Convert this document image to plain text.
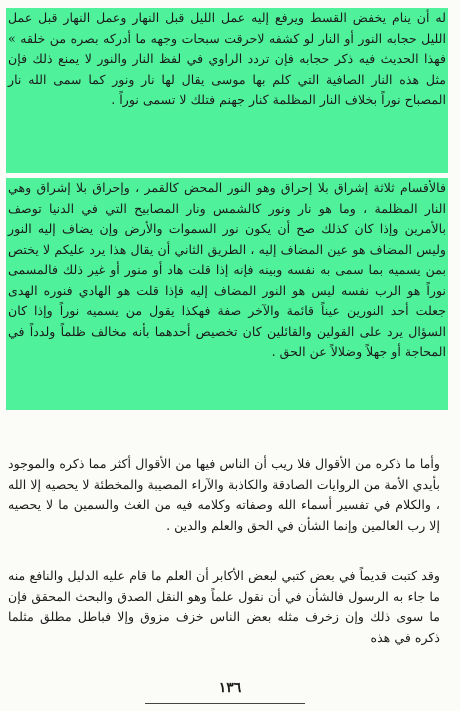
له أن ينام يخفض القسط ويرفع إليه عمل الليل قبل النهار وعمل النهار قبل عمل الليل حجابه النور أو النار لو كشفه لاحرقت سبحات وجهه ما أدركه بصره من خلقه » فهذا الحديث فيه ذكر حجابه فإن تردد الراوي في لفظ النار والنور لا يمنع ذلك فإن مثل هذه النار الصافية التي كلم بها موسى يقال لها نار ونور كما سمى الله نار المصباح نوراً بخلاف النار المظلمة كنار جهنم فتلك لا تسمى نوراً .

فالأقسام ثلاثة إشراق بلا إحراق وهو النور المحض كالقمر ، وإحراق بلا إشراق وهي النار المظلمة ، وما هو نار ونور كالشمس ونار المصابيح التي في الدنيا توصف بالأمرين وإذا كان كذلك صح أن يكون نور السموات والأرض وإن يضاف إليه النور وليس المضاف هو عين المضاف إليه ، الطريق الثاني أن يقال هذا يرد عليكم لا يختص بمن يسميه بما سمى به نفسه وبينه فإنه إذا قلت هاد أو منور أو غير ذلك فالمسمى نوراً هو الرب نفسه ليس هو النور المضاف إليه فإذا قلت هو الهادي فنوره الهدى جعلت أحد النورين عيناً قائمة والآخر صفة فهكذا يقول من يسميه نوراً وإذا كان السؤال يرد على القولين والقائلين كان تخصيص أحدهما بأنه مخالف ظلماً ولدداً في المحاجة أو جهلاً وضلالاً عن الحق .

وأما ما ذكره من الأقوال فلا ريب أن الناس فيها من الأقوال أكثر مما ذكره والموجود بأيدي الأمة من الروايات الصادقة والكاذبة والآراء المصيبة والمخطئة لا يحصيه إلا الله ، والكلام في تفسير أسماء الله وصفاته وكلامه فيه من الغث والسمين ما لا يحصيه إلا رب العالمين وإنما الشأن في الحق والعلم والدين .

وقد كتبت قديماً في بعض كتبي لبعض الأكابر أن العلم ما قام عليه الدليل والنافع منه ما جاء به الرسول فالشأن في أن نقول علماً وهو النقل الصدق والبحث المحقق فإن ما سوى ذلك وإن زخرف مثله بعض الناس خزف مزوق وإلا فباطل مطلق مثلما ذكره في هذه

١٣٦
